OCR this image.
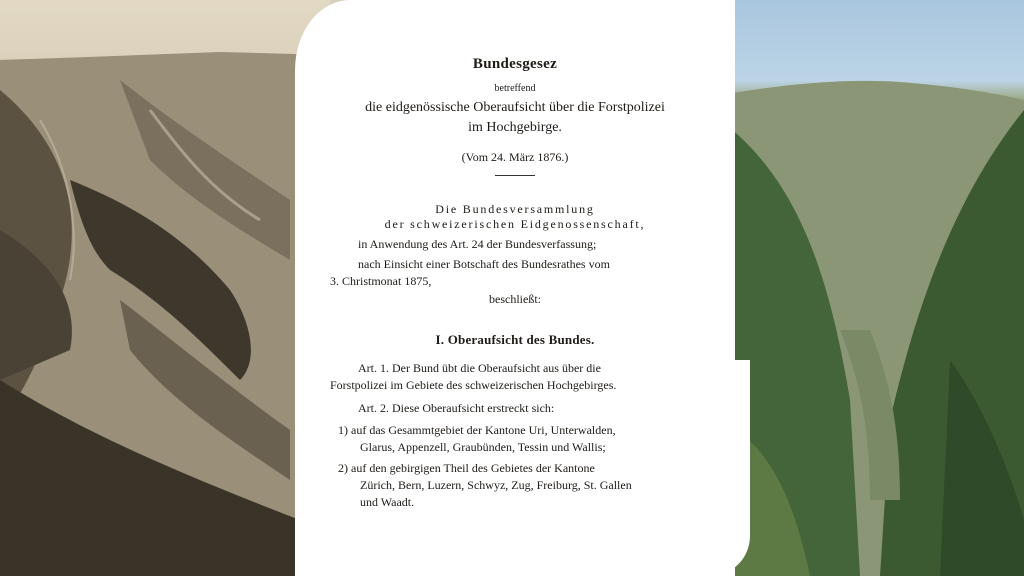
Bundesgesez
betreffend
die eidgenössische Oberaufsicht über die Forstpolizei
im Hochgebirge.
(Vom 24. März 1876.)
Die Bundesversammlung
der schweizerischen Eidgenossenschaft,
in Anwendung des Art. 24 der Bundesverfassung;
nach Einsicht einer Botschaft des Bundesrathes vom
3. Christmonat 1875,
beschließt:
I. Oberaufsicht des Bundes.
Art. 1. Der Bund übt die Oberaufsicht aus über die
Forstpolizei im Gebiete des schweizerischen Hochgebirges.
Art. 2. Diese Oberaufsicht erstreckt sich:
1) auf das Gesammtgebiet der Kantone Uri, Unterwalden,
Glarus, Appenzell, Graubünden, Tessin und Wallis;
2) auf den gebirgigen Theil des Gebietes der Kantone
Zürich, Bern, Luzern, Schwyz, Zug, Freiburg, St. Gallen
und Waadt.
